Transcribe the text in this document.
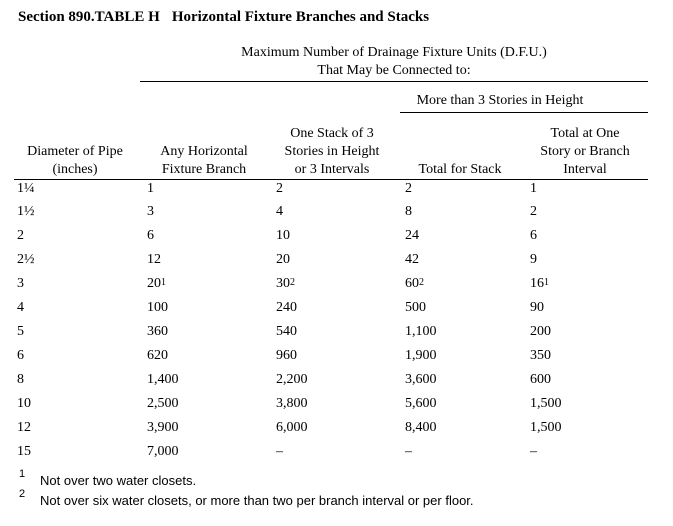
Section 890.TABLE H Horizontal Fixture Branches and Stacks
Maximum Number of Drainage Fixture Units (D.F.U.)
That May be Connected to:
More than 3 Stories in Height
Diameter of Pipe
(inches)
Any Horizontal
Fixture Branch
One Stack of 3
Stories in Height
or 3 Intervals	Total for Stack
Total at One
Story or Branch
Interval
1¼	1	2	2	1
1½	3	4	8	2
2	6	10	24	6
2½	12	20	42	9
3	$20^1$	$30^2$	$60^2$	$16^1$
4	100	240	500	90
5	360	540	1,100	200
6	620	960	1,900	350
8	1,400	2,200	3,600	600
10	2,500	3,800	5,600	1,500
12	3,900	6,000	8,400	1,500
15	7,000	–	–	–
1 Not over two water closets.
2 Not over six water closets, or more than two per branch interval or per floor.
